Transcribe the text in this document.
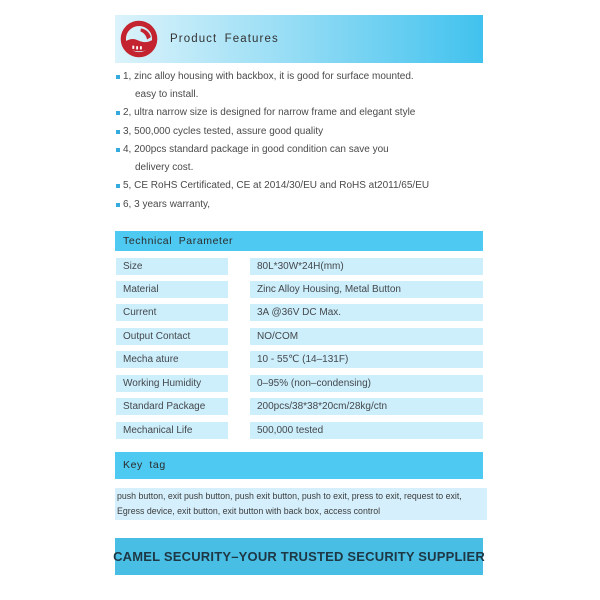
Product Features
1, zinc alloy housing with backbox, it is good for surface mounted.
easy to install.
2, ultra narrow size is designed for narrow frame and elegant style
3, 500,000 cycles tested, assure good quality
4, 200pcs standard package in good condition can save you
delivery cost.
5, CE RoHS Certificated, CE at 2014/30/EU and RoHS at2011/65/EU
6, 3 years warranty,
Technical Parameter
Size	80L*30W*24H(mm)
Material	Zinc Alloy Housing, Metal Button
Current	3A @36V DC Max.
Output Contact	NO/COM
Mecha ature	10 - 55℃ (14–131F)
Working Humidity	0–95% (non–condensing)
Standard Package	200pcs/38*38*20cm/28kg/ctn
Mechanical Life	500,000 tested
Key tag
push button, exit push button, push exit button, push to exit, press to exit, request to exit,
Egress device, exit button, exit button with back box, access control
CAMEL SECURITY–YOUR TRUSTED SECURITY SUPPLIER
